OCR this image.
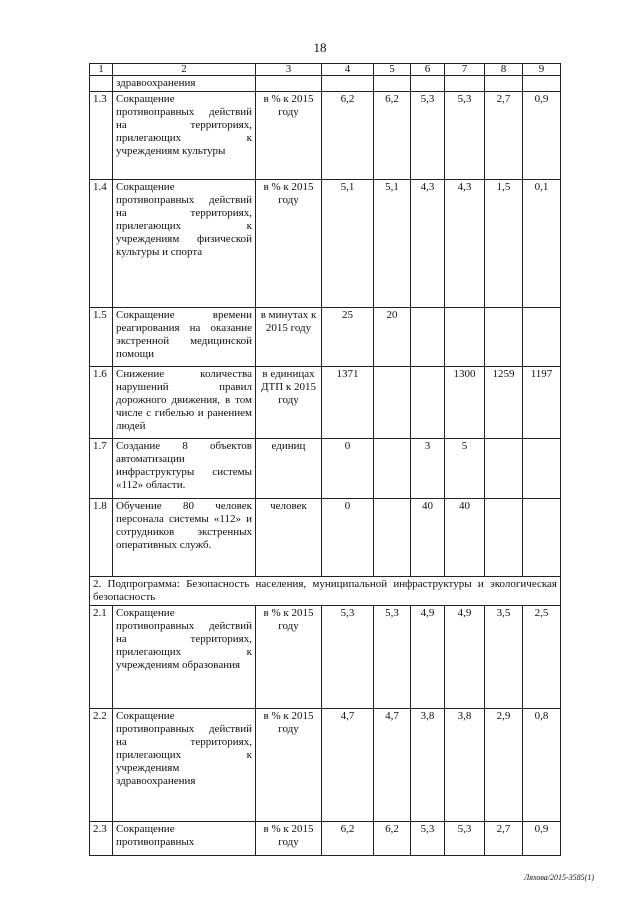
18
1	2	3	4	5	6	7	8	9
	здравоохранения							
1.3	Сокращение противоправных действий на территориях, прилегающих к учреждениям культуры	в % к 2015 году	6,2	6,2	5,3	5,3	2,7	0,9
1.4	Сокращение противоправных действий на территориях, прилегающих к учреждениям физической культуры и спорта	в % к 2015 году	5,1	5,1	4,3	4,3	1,5	0,1
1.5	Сокращение времени реагирования на оказание экстренной медицинской помощи	в минутах к 2015 году	25	20				
1.6	Снижение количества нарушений правил дорожного движения, в том числе с гибелью и ранением людей	в единицах ДТП к 2015 году	1371			1300	1259	1197
1.7	Создание 8 объектов автоматизации инфраструктуры системы «112» области.	единиц	0		3	5		
1.8	Обучение 80 человек персонала системы «112» и сотрудников экстренных оперативных служб.	человек	0		40	40		
2. Подпрограмма: Безопасность населения, муниципальной инфраструктуры и экологическая безопасность								
2.1	Сокращение противоправных действий на территориях, прилегающих к учреждениям образования	в % к 2015 году	5,3	5,3	4,9	4,9	3,5	2,5
2.2	Сокращение противоправных действий на территориях, прилегающих к учреждениям здравоохранения	в % к 2015 году	4,7	4,7	3,8	3,8	2,9	0,8
2.3	Сокращение противоправных	в % к 2015 году	6,2	6,2	5,3	5,3	2,7	0,9
Ляхова/2015-3585(1)
